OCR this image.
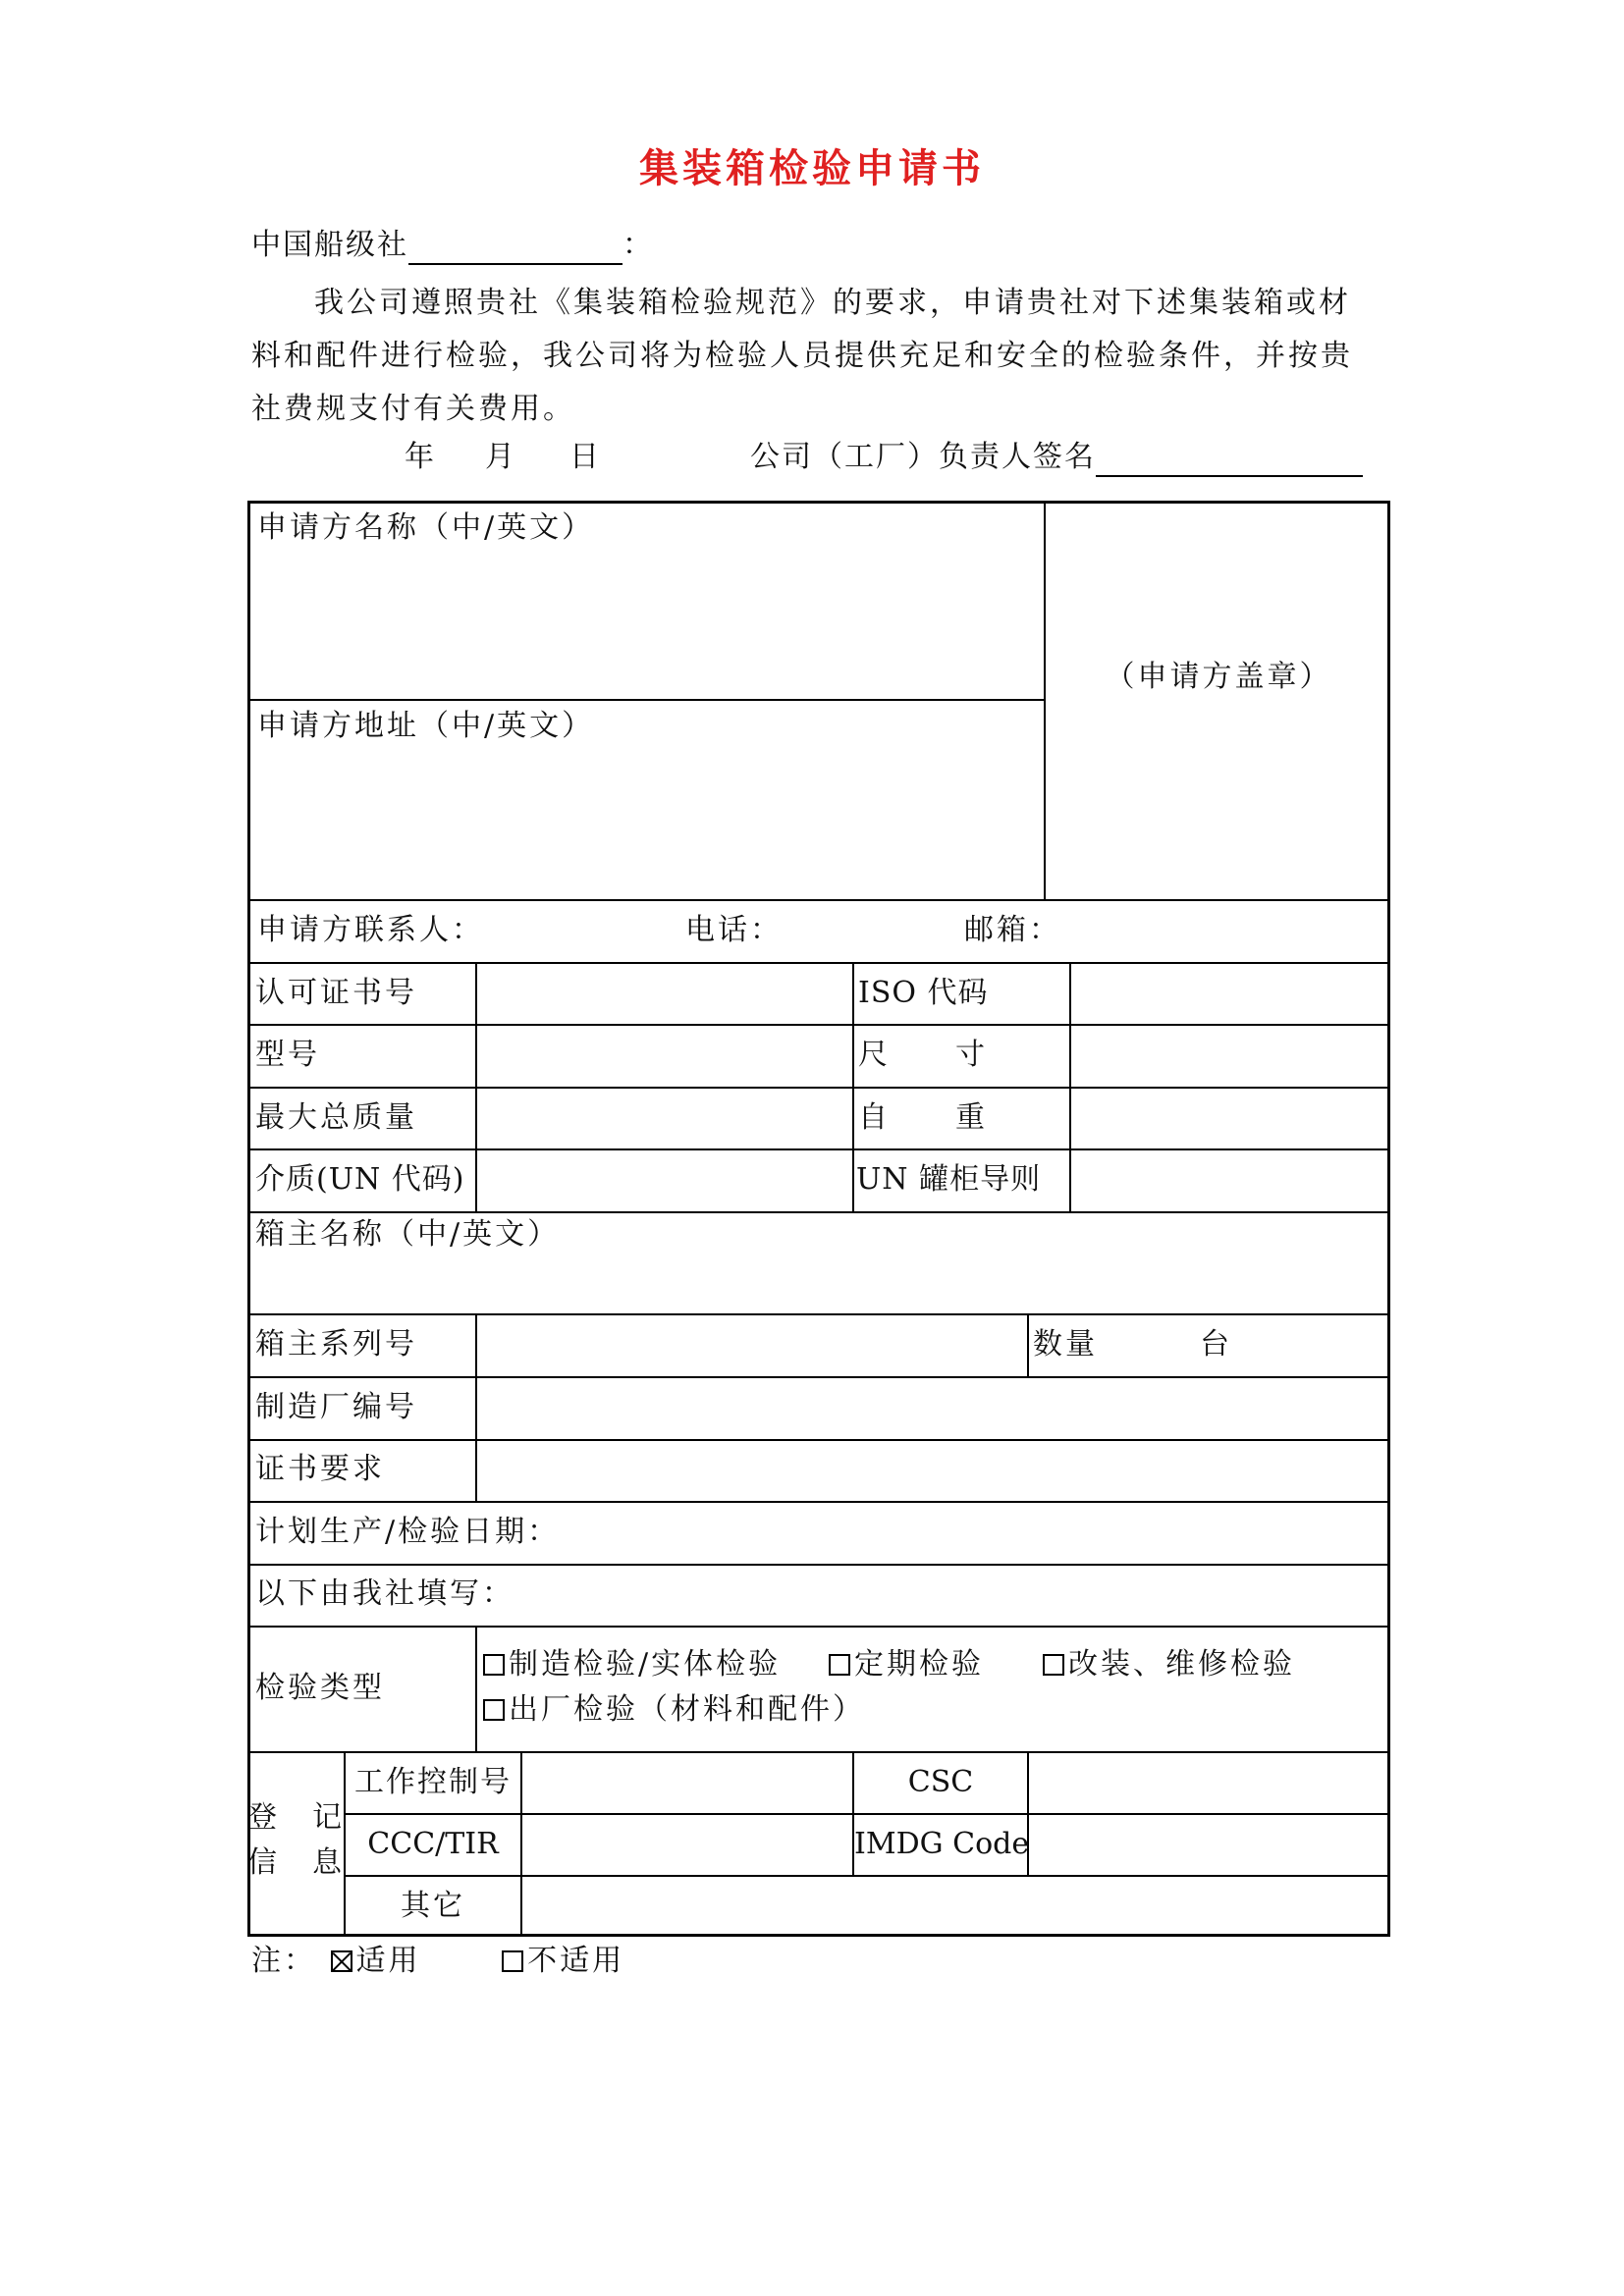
集装箱检验申请书
中国船级社	：
我公司遵照贵社《集装箱检验规范》的要求，申请贵社对下述集装箱或材料和配件进行检验，我公司将为检验人员提供充足和安全的检验条件，并按贵社费规支付有关费用。
年 月 日	公司（工厂）负责人签名
申请方名称（中/英文）
申请方地址（中/英文）
（申请方盖章）
申请方联系人：	电话：	邮箱：
认可证书号	ISO 代码
型号	尺　　寸
最大总质量	自　　重
介质(UN 代码)	UN 罐柜导则
箱主名称（中/英文）
箱主系列号	数量	台
制造厂编号
证书要求
计划生产/检验日期：
以下由我社填写：
检验类型
制造检验/实体检验	定期检验	改装、维修检验
出厂检验（材料和配件）
登　记
信　息
工作控制号	CSC
CCC/TIR	IMDG Code
其它
注： 适用	不适用
